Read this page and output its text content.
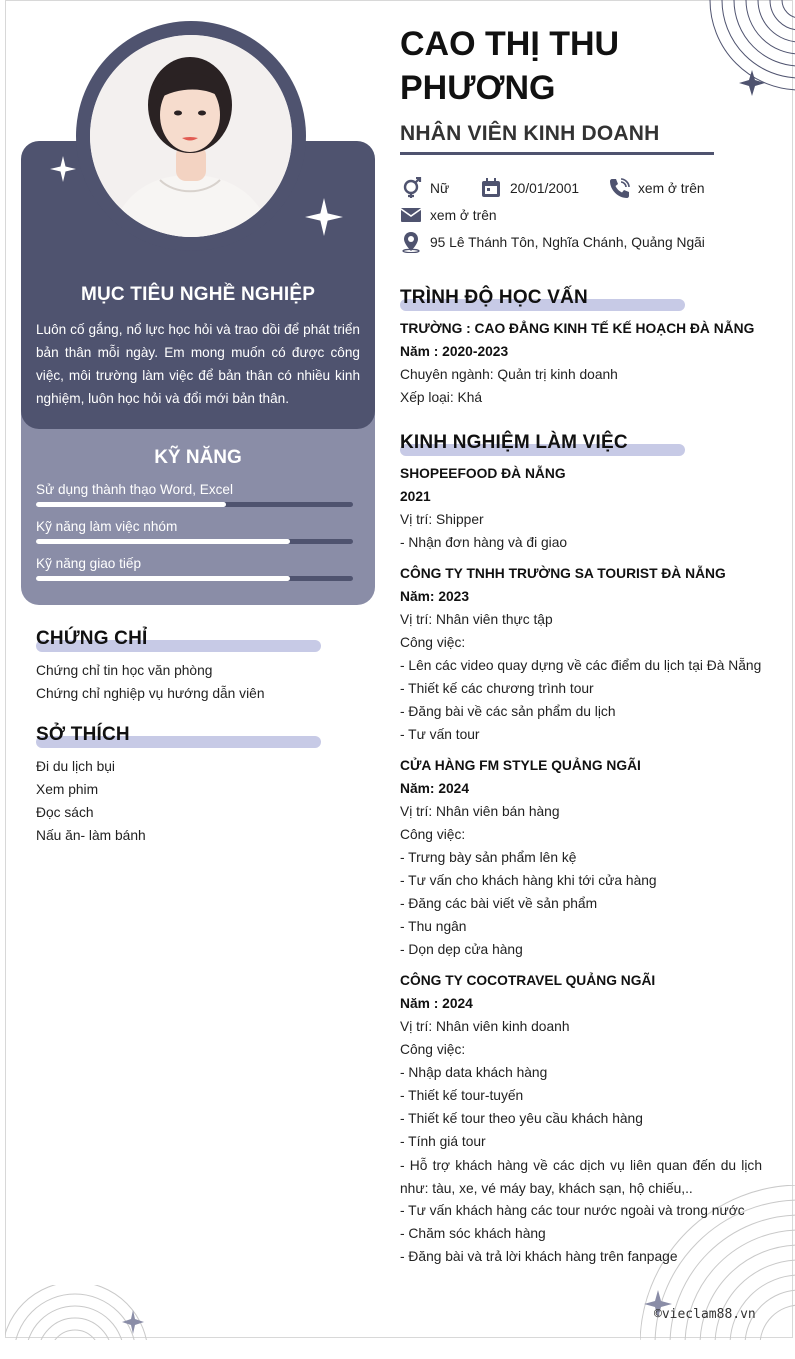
MỤC TIÊU NGHỀ NGHIỆP
Luôn cố gắng, nổ lực học hỏi và trao dồi để phát triển bản thân mỗi ngày. Em mong muốn có được công việc, môi trường làm việc để bản thân có nhiều kinh nghiệm, luôn học hỏi và đổi mới bản thân.
KỸ NĂNG
Sử dụng thành thạo Word, Excel
Kỹ năng làm việc nhóm
Kỹ năng giao tiếp
CHỨNG CHỈ
Chứng chỉ tin học văn phòng
Chứng chỉ nghiệp vụ hướng dẫn viên
SỞ THÍCH
Đi du lịch bụi
Xem phim
Đọc sách
Nấu ăn- làm bánh
CAO THỊ THU PHƯƠNG
NHÂN VIÊN KINH DOANH
Nữ	20/01/2001	xem ở trên
xem ở trên
95 Lê Thánh Tôn, Nghĩa Chánh, Quảng Ngãi
TRÌNH ĐỘ HỌC VẤN
TRƯỜNG : CAO ĐẲNG KINH TẾ KẾ HOẠCH ĐÀ NẴNG
Năm : 2020-2023
Chuyên ngành: Quản trị kinh doanh
Xếp loại: Khá
KINH NGHIỆM LÀM VIỆC
SHOPEEFOOD ĐÀ NẴNG
2021
Vị trí: Shipper
- Nhận đơn hàng và đi giao
CÔNG TY TNHH TRƯỜNG SA TOURIST ĐÀ NẴNG
Năm: 2023
Vị trí: Nhân viên thực tập
Công việc:
- Lên các video quay dựng về các điểm du lịch tại Đà Nẵng
- Thiết kế các chương trình tour
- Đăng bài về các sản phẩm du lịch
- Tư vấn tour
CỬA HÀNG FM STYLE QUẢNG NGÃI
Năm: 2024
Vị trí: Nhân viên bán hàng
Công việc:
- Trưng bày sản phẩm lên kệ
- Tư vấn cho khách hàng khi tới cửa hàng
- Đăng các bài viết về sản phẩm
- Thu ngân
- Dọn dẹp cửa hàng
CÔNG TY COCOTRAVEL QUẢNG NGÃI
Năm : 2024
Vị trí: Nhân viên kinh doanh
Công việc:
- Nhập data khách hàng
- Thiết kế tour-tuyến
- Thiết kế tour theo yêu cầu khách hàng
- Tính giá tour
- Hỗ trợ khách hàng về các dịch vụ liên quan đến du lịch như: tàu, xe, vé máy bay, khách sạn, hộ chiếu,..
- Tư vấn khách hàng các tour nước ngoài và trong nước
- Chăm sóc khách hàng
- Đăng bài và trả lời khách hàng trên fanpage
©vieclam88.vn
